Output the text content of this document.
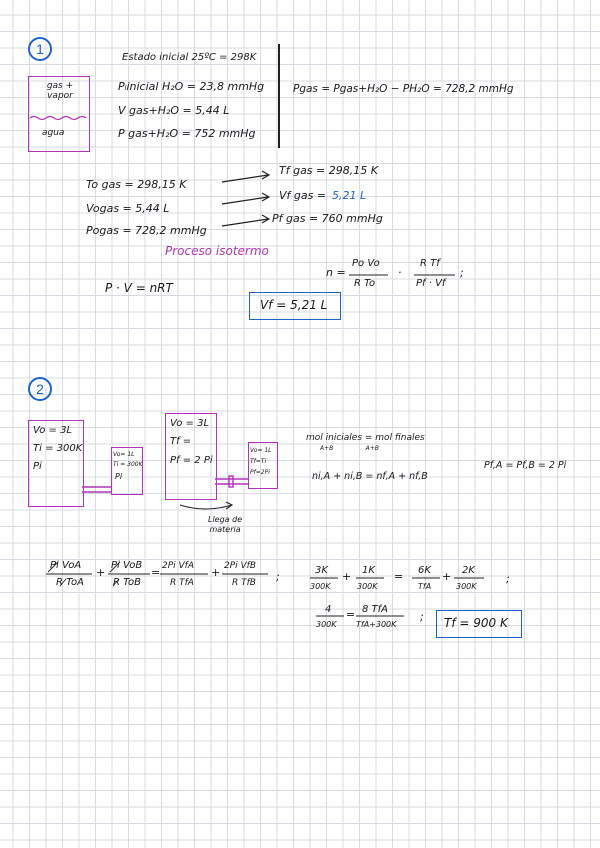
1
gas + vapor
agua
Estado inicial 25ºC = 298K
Pₗinicial H₂O = 23,8 mmHg
V gas+H₂O = 5,44 L
P gas+H₂O = 752 mmHg
Pgas = Pgas+H₂O − PH₂O = 728,2 mmHg
To gas = 298,15 K
Vogas = 5,44 L
Pogas = 728,2 mmHg
Tf gas = 298,15 K
Vf gas = 5,21 L
Pf gas = 760 mmHg
Proceso isotermo
P · V = nRT
n =
Po Vo
R To
·
R Tf
Pf · Vf
;
Vf = 5,21 L
2
Vo = 3L
Ti = 300K
Pi
Vo= 1L
Ti = 300K
Pi
Vo = 3L
Tf =
Pf = 2 Pi
Vo= 1L
Tf=Ti
Pf=2Pi
Llega de
materia
mol iniciales = mol finales
A+B                 A+B
ni,A + ni,B = nf,A + nf,B
Pf,A = Pf,B = 2 Pi
Pi VoA
R ToA
+
Pi VoB
R ToB
= 2Pi VfA
R TfA
+ 2Pi VfB
R TfB ;	3K
300K
+ 1K
300K
= 6K
TfA
+ 2K
300K
;
4
300K
= 8 TfA
TfA+300K
; Tf = 900 K
